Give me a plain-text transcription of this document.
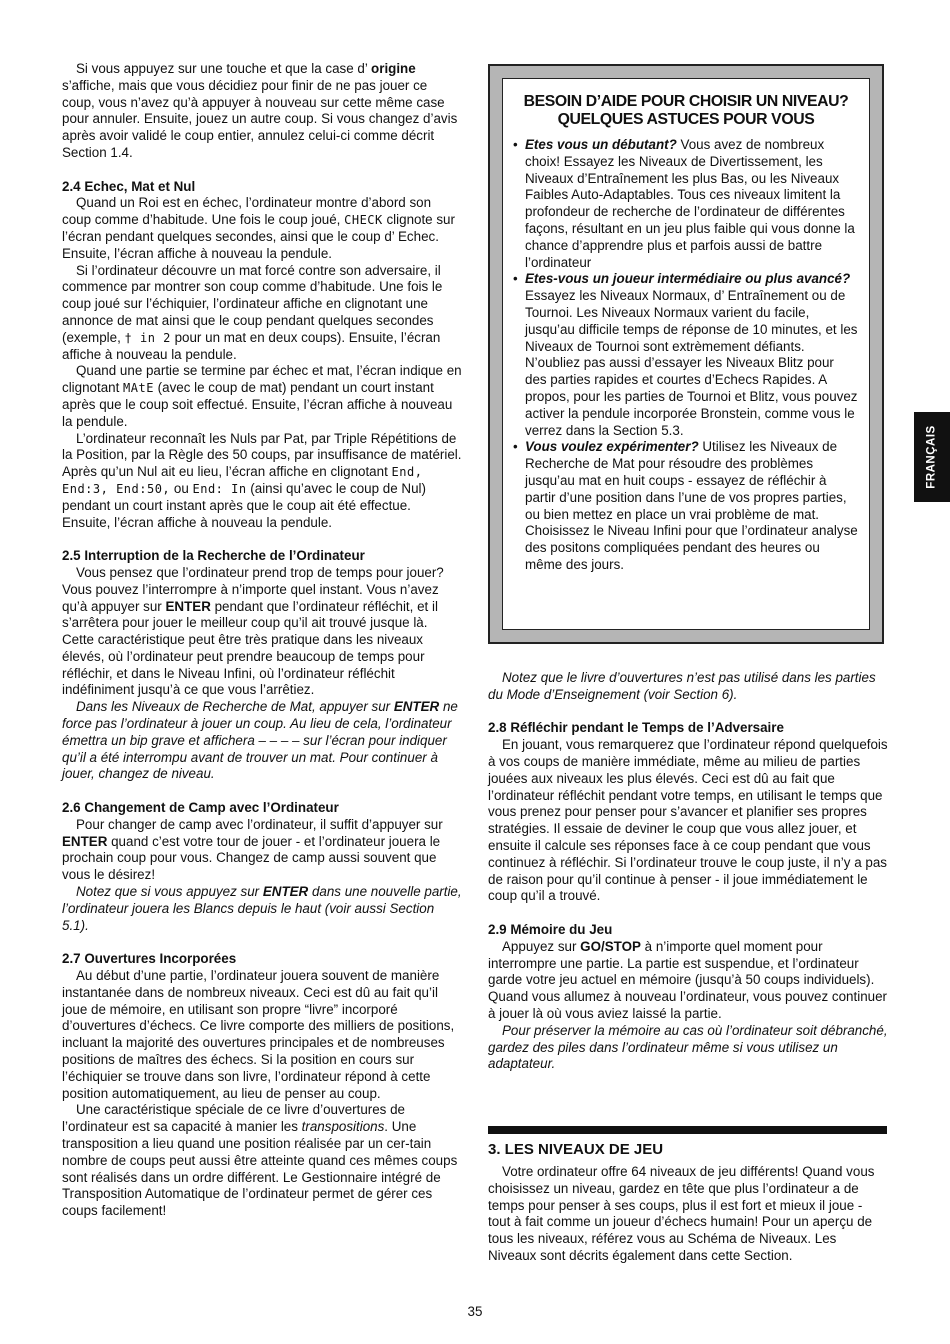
Si vous appuyez sur une touche et que la case d’ origine s’affiche, mais que vous décidiez pour finir de ne pas jouer ce coup, vous n’avez qu’à appuyer à nouveau sur cette même case pour annuler. Ensuite, jouez un autre coup. Si vous changez d’avis après avoir validé le coup entier, annulez celui-ci comme décrit Section 1.4.

2.4 Echec, Mat et Nul

Quand un Roi est en échec, l’ordinateur montre d’abord son coup comme d’habitude. Une fois le coup joué, CHECK clignote sur l’écran pendant quelques secondes, ainsi que le coup d’ Echec. Ensuite, l’écran affiche à nouveau la pendule.

Si l’ordinateur découvre un mat forcé contre son adversaire, il commence par montrer son coup comme d’habitude. Une fois le coup joué sur l’échiquier, l’ordinateur affiche en clignotant une annonce de mat ainsi que le coup pendant quelques secondes (exemple, † in 2 pour un mat en deux coups). Ensuite, l’écran affiche à nouveau la pendule.

Quand une partie se termine par échec et mat, l’écran indique en clignotant MAtE (avec le coup de mat) pendant un court instant après que le coup soit effectué. Ensuite, l’écran affiche à nouveau la pendule.

L’ordinateur reconnaît les Nuls par Pat, par Triple Répétitions de la Position, par la Règle des 50 coups, par insuffisance de matériel. Après qu’un Nul ait eu lieu, l’écran affiche en clignotant End, End:3, End:50, ou End: In (ainsi qu’avec le coup de Nul) pendant un court instant après que le coup ait été effectue. Ensuite, l’écran affiche à nouveau la pendule.

2.5 Interruption de la Recherche de l’Ordinateur

Vous pensez que l’ordinateur prend trop de temps pour jouer? Vous pouvez l’interrompre à n’importe quel instant. Vous n’avez qu’à appuyer sur ENTER pendant que l’ordinateur réfléchit, et il s’arrêtera pour jouer le meilleur coup qu’il ait trouvé jusque là. Cette caractéristique peut être très pratique dans les niveaux élevés, où l’ordinateur peut prendre beaucoup de temps pour réfléchir, et dans le Niveau Infini, où l’ordinateur réfléchit indéfiniment jusqu’à ce que vous l’arrêtiez.

Dans les Niveaux de Recherche de Mat, appuyer sur ENTER ne force pas l’ordinateur à jouer un coup. Au lieu de cela, l’ordinateur émettra un bip grave et affichera – – – – sur l’écran pour indiquer qu’il a été interrompu avant de trouver un mat. Pour continuer à jouer, changez de niveau.

2.6 Changement de Camp avec l’Ordinateur

Pour changer de camp avec l’ordinateur, il suffit d’appuyer sur ENTER quand c’est votre tour de jouer - et l’ordinateur jouera le prochain coup pour vous. Changez de camp aussi souvent que vous le désirez!

Notez que si vous appuyez sur ENTER dans une nouvelle partie, l’ordinateur jouera les Blancs depuis le haut (voir aussi Section 5.1).

2.7 Ouvertures Incorporées

Au début d’une partie, l’ordinateur jouera souvent de manière instantanée dans de nombreux niveaux. Ceci est dû au fait qu’il joue de mémoire, en utilisant son propre “livre” incorporé d’ouvertures d’échecs. Ce livre comporte des milliers de positions, incluant la majorité des ouvertures principales et de nombreuses positions de maîtres des échecs. Si la position en cours sur l’échiquier se trouve dans son livre, l’ordinateur répond à cette position automatiquement, au lieu de penser au coup.

Une caractéristique spéciale de ce livre d’ouvertures de l’ordinateur est sa capacité à manier les transpositions. Une transposition a lieu quand une position réalisée par un cer-tain nombre de coups peut aussi être atteinte quand ces mêmes coups sont réalisés dans un ordre différent. Le Gestionnaire intégré de Transposition Automatique de l’ordinateur permet de gérer ces coups facilement!

BESOIN D’AIDE POUR CHOISIR UN NIVEAU?
QUELQUES ASTUCES POUR VOUS
• Etes vous un débutant? Vous avez de nombreux choix! Essayez les Niveaux de Divertissement, les Niveaux d’Entraînement les plus Bas, ou les Niveaux Faibles Auto-Adaptables. Tous ces niveaux limitent la profondeur de recherche de l’ordinateur de différentes façons, résultant en un jeu plus faible qui vous donne la chance d’apprendre plus et parfois aussi de battre l’ordinateur
• Etes-vous un joueur intermédiaire ou plus avancé? Essayez les Niveaux Normaux, d’ Entraînement ou de Tournoi. Les Niveaux Normaux varient du facile, jusqu’au difficile temps de réponse de 10 minutes, et les Niveaux de Tournoi sont extrèmement défiants. N’oubliez pas aussi d’essayer les Niveaux Blitz pour des parties rapides et courtes d’Echecs Rapides. A propos, pour les parties de Tournoi et Blitz, vous pouvez activer la pendule incorporée Bronstein, comme vous le verrez dans la Section 5.3.
• Vous voulez expérimenter? Utilisez les Niveaux de Recherche de Mat pour résoudre des problèmes jusqu’au mat en huit coups - essayez de réfléchir à partir d’une position dans l’une de vos propres parties, ou bien mettez en place un vrai problème de mat. Choisissez le Niveau Infini pour que l’ordinateur analyse des positons compliquées pendant des heures ou même des jours.

Notez que le livre d’ouvertures n’est pas utilisé dans les parties du Mode d’Enseignement (voir Section 6).

2.8 Réfléchir pendant le Temps de l’Adversaire

En jouant, vous remarquerez que l’ordinateur répond quelquefois à vos coups de manière immédiate, même au milieu de parties jouées aux niveaux les plus élevés. Ceci est dû au fait que l’ordinateur réfléchit pendant votre temps, en utilisant le temps que vous prenez pour penser pour s’avancer et planifier ses propres stratégies. Il essaie de deviner le coup que vous allez jouer, et ensuite il calcule ses réponses face à ce coup pendant que vous continuez à réfléchir. Si l’ordinateur trouve le coup juste, il n’y a pas de raison pour qu’il continue à penser - il joue immédiatement le coup qu’il a trouvé.

2.9 Mémoire du Jeu

Appuyez sur GO/STOP à n’importe quel moment pour interrompre une partie. La partie est suspendue, et l’ordinateur garde votre jeu actuel en mémoire (jusqu’à 50 coups individuels). Quand vous allumez à nouveau l’ordinateur, vous pouvez continuer à jouer là où vous aviez laissé la partie.

Pour préserver la mémoire au cas où l’ordinateur soit débranché, gardez des piles dans l’ordinateur même si vous utilisez un adaptateur.

3. LES NIVEAUX DE JEU

Votre ordinateur offre 64 niveaux de jeu différents! Quand vous choisissez un niveau, gardez en tête que plus l’ordinateur a de temps pour penser à ses coups, plus il est fort et mieux il joue - tout à fait comme un joueur d’échecs humain! Pour un aperçu de tous les niveaux, référez vous au Schéma de Niveaux. Les Niveaux sont décrits également dans cette Section.

FRANÇAIS
35
